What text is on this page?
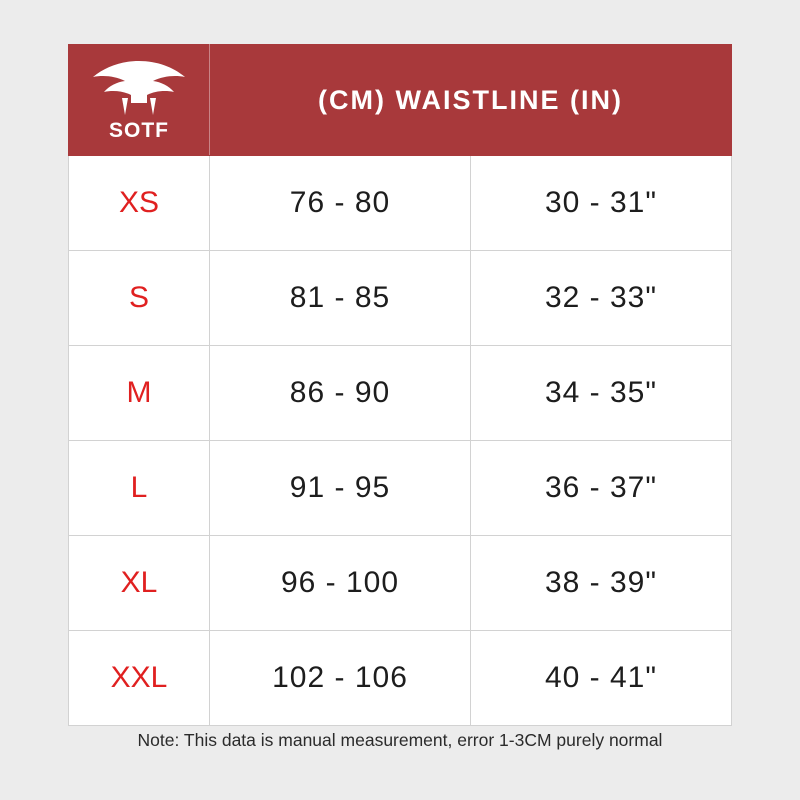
SOTF	(CM) WAISTLINE (IN)	
XS	76 - 80	30 - 31"
S	81 - 85	32 - 33"
M	86 - 90	34 - 35"
L	91 - 95	36 - 37"
XL	96 - 100	38 - 39"
XXL	102 - 106	40 - 41"
Note: This data is manual measurement, error 1-3CM purely normal
